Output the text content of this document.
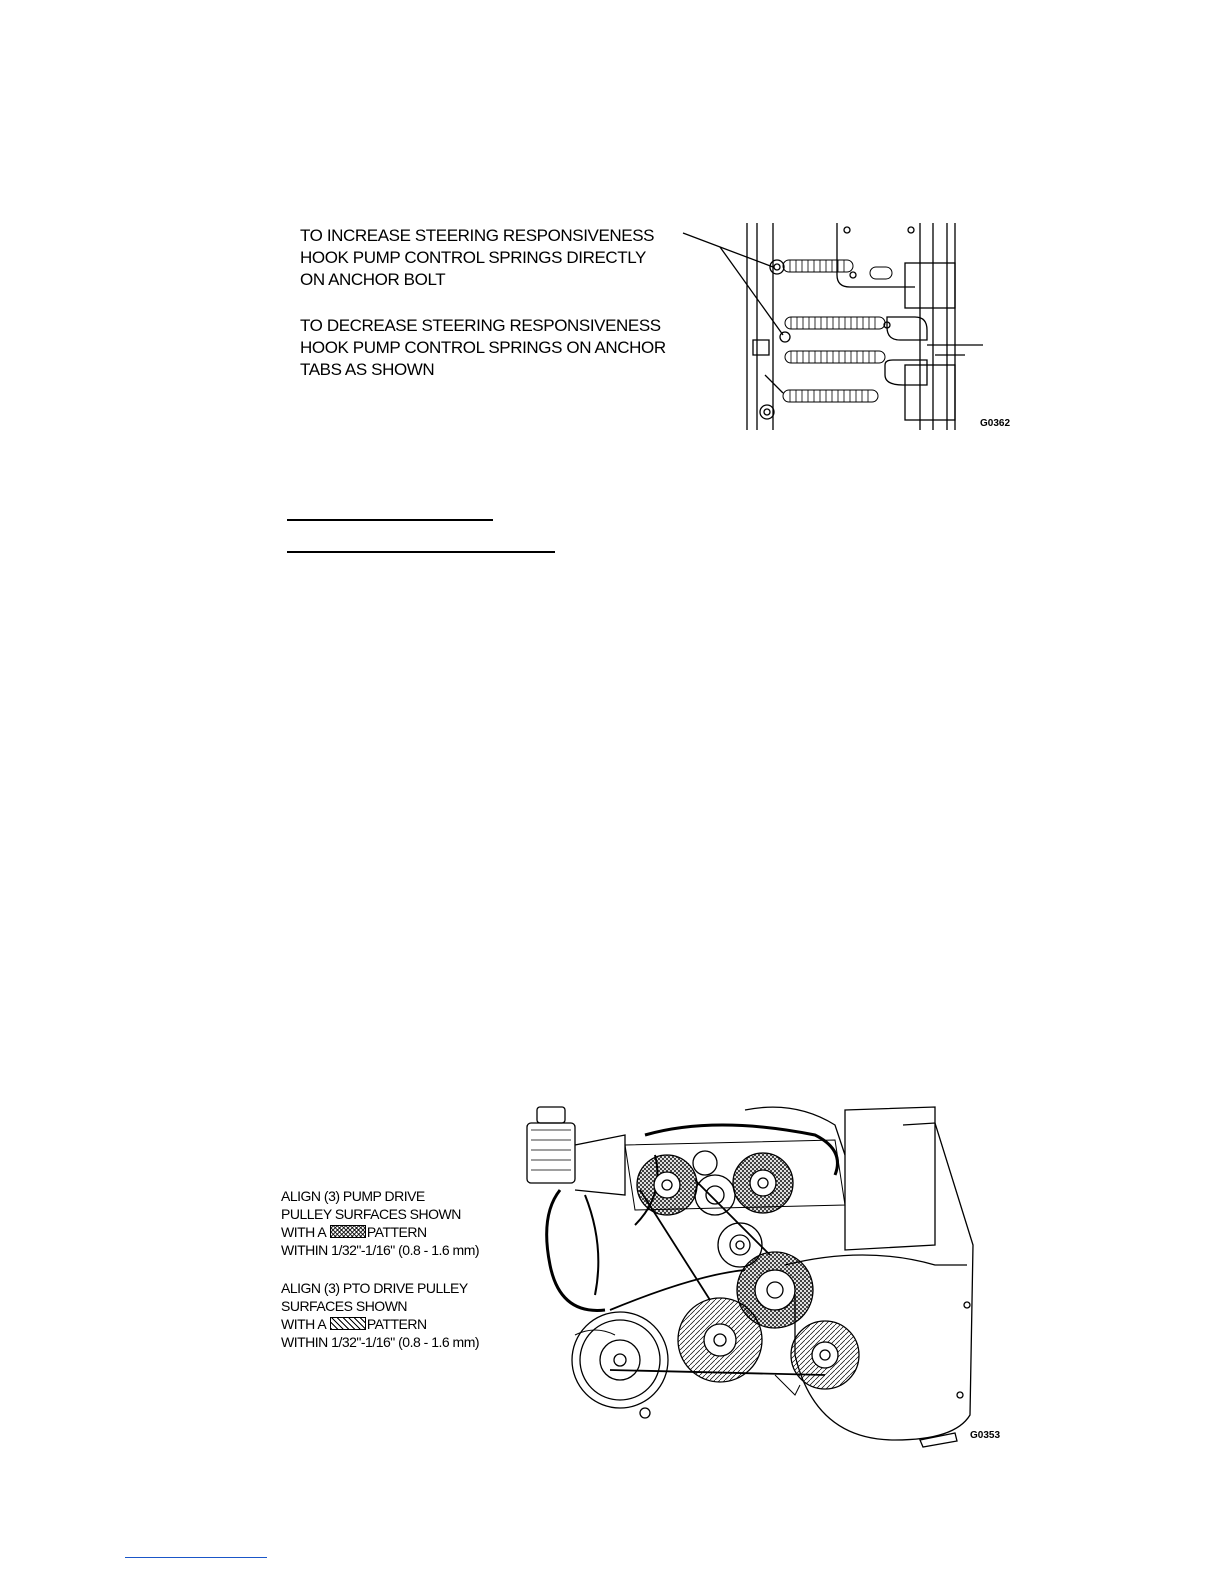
TO INCREASE STEERING RESPONSIVENESS
HOOK PUMP CONTROL SPRINGS DIRECTLY
ON ANCHOR BOLT
TO DECREASE STEERING RESPONSIVENESS
HOOK PUMP CONTROL SPRINGS ON ANCHOR
TABS AS SHOWN
G0362
ALIGN (3) PUMP DRIVE
PULLEY SURFACES SHOWN
WITH A	PATTERN
WITHIN 1/32"-1/16" (0.8 - 1.6 mm)
ALIGN (3) PTO DRIVE PULLEY
SURFACES SHOWN
WITH A	PATTERN
WITHIN 1/32"-1/16" (0.8 - 1.6 mm)
G0353
